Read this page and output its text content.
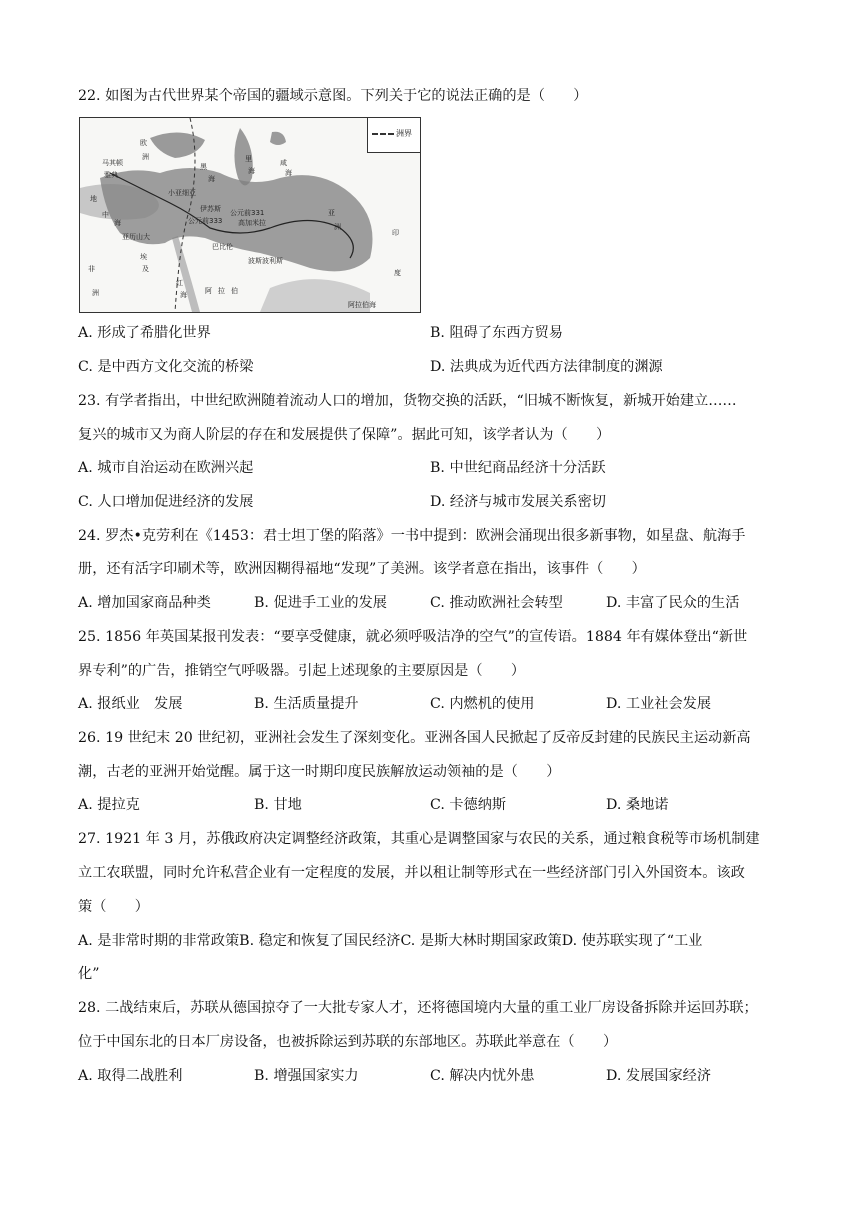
22. 如图为古代世界某个帝国的疆域示意图。下列关于它的说法正确的是（　　）
洲界
欧
洲
黑
海
里
海
咸
海
亚
洲
地
中
海
非
洲
埃
及
红
海	阿 拉 伯
阿拉伯海
印
度
亚历山大
巴比伦
波斯波利斯
小亚细亚
伊苏斯
高加米拉
马其顿
雅典
公元前331
公元前333
A. 形成了希腊化世界	B. 阻碍了东西方贸易
C. 是中西方文化交流的桥梁	D. 法典成为近代西方法律制度的渊源
23. 有学者指出，中世纪欧洲随着流动人口的增加，货物交换的活跃，“旧城不断恢复，新城开始建立……
复兴的城市又为商人阶层的存在和发展提供了保障”。据此可知，该学者认为（　　）
A. 城市自治运动在欧洲兴起	B. 中世纪商品经济十分活跃
C. 人口增加促进经济的发展	D. 经济与城市发展关系密切
24. 罗杰•克劳利在《1453：君士坦丁堡的陷落》一书中提到：欧洲会涌现出很多新事物，如星盘、航海手
册，还有活字印刷术等，欧洲因糊得福地“发现”了美洲。该学者意在指出，该事件（　　）
A. 增加国家商品种类	B. 促进手工业的发展	C. 推动欧洲社会转型	D. 丰富了民众的生活
25. 1856 年英国某报刊发表：“要享受健康，就必须呼吸洁净的空气”的宣传语。1884 年有媒体登出“新世
界专利”的广告，推销空气呼吸器。引起上述现象的主要原因是（　　）
A. 报纸业　发展	B. 生活质量提升	C. 内燃机的使用	D. 工业社会发展
26. 19 世纪末 20 世纪初，亚洲社会发生了深刻变化。亚洲各国人民掀起了反帝反封建的民族民主运动新高
潮，古老的亚洲开始觉醒。属于这一时期印度民族解放运动领袖的是（　　）
A. 提拉克	B. 甘地	C. 卡德纳斯	D. 桑地诺
27. 1921 年 3 月，苏俄政府决定调整经济政策，其重心是调整国家与农民的关系，通过粮食税等市场机制建
立工农联盟，同时允许私营企业有一定程度的发展，并以租让制等形式在一些经济部门引入外国资本。该政
策（　　）
A. 是非常时期的非常政策B. 稳定和恢复了国民经济C. 是斯大林时期国家政策D. 使苏联实现了“工业
化”
28. 二战结束后，苏联从德国掠夺了一大批专家人才，还将德国境内大量的重工业厂房设备拆除并运回苏联；
位于中国东北的日本厂房设备，也被拆除运到苏联的东部地区。苏联此举意在（　　）
A. 取得二战胜利	B. 增强国家实力	C. 解决内忧外患	D. 发展国家经济
